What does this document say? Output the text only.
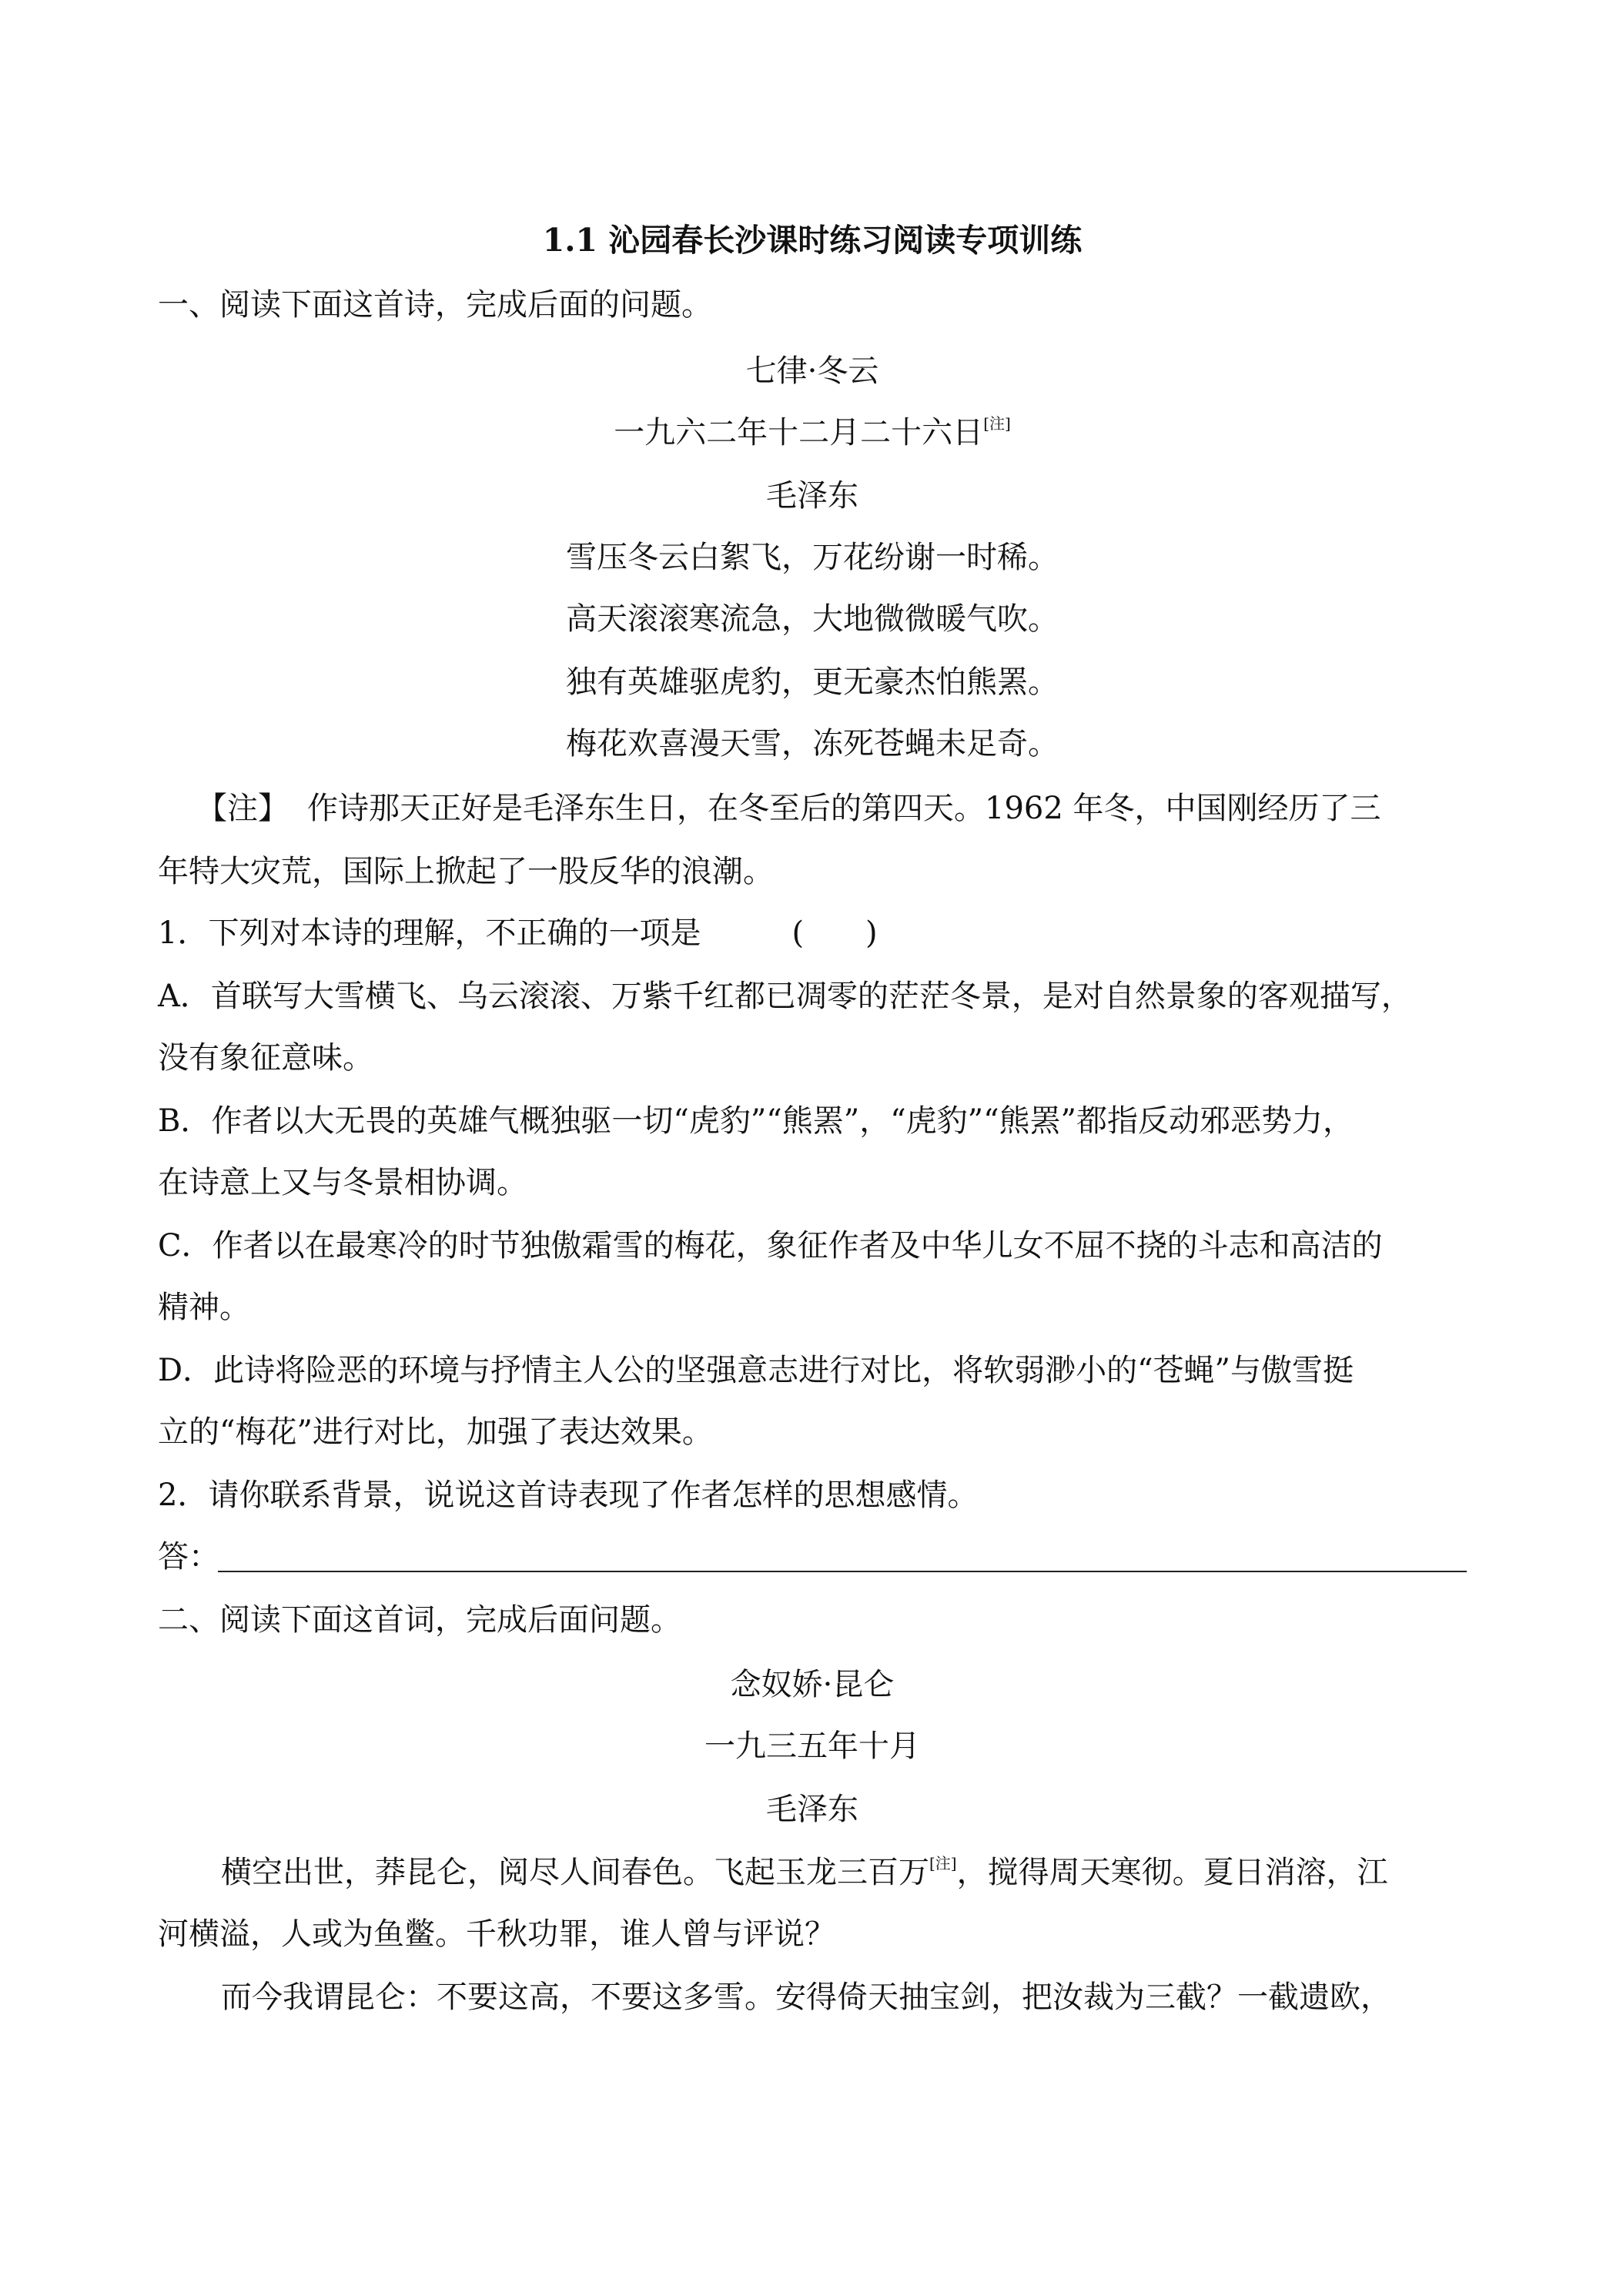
1.1 沁园春长沙课时练习阅读专项训练
一、阅读下面这首诗，完成后面的问题。
七律·冬云
一九六二年十二月二十六日[注]
毛泽东
雪压冬云白絮飞，万花纷谢一时稀。
高天滚滚寒流急，大地微微暖气吹。
独有英雄驱虎豹，更无豪杰怕熊罴。
梅花欢喜漫天雪，冻死苍蝇未足奇。
【注】 作诗那天正好是毛泽东生日，在冬至后的第四天。1962 年冬，中国刚经历了三
年特大灾荒，国际上掀起了一股反华的浪潮。
1．下列对本诗的理解，不正确的一项是	(　　)
A．首联写大雪横飞、乌云滚滚、万紫千红都已凋零的茫茫冬景，是对自然景象的客观描写，
没有象征意味。
B．作者以大无畏的英雄气概独驱一切“虎豹”“熊罴”，“虎豹”“熊罴”都指反动邪恶势力，
在诗意上又与冬景相协调。
C．作者以在最寒冷的时节独傲霜雪的梅花，象征作者及中华儿女不屈不挠的斗志和高洁的
精神。
D．此诗将险恶的环境与抒情主人公的坚强意志进行对比，将软弱渺小的“苍蝇”与傲雪挺
立的“梅花”进行对比，加强了表达效果。
2．请你联系背景，说说这首诗表现了作者怎样的思想感情。
答：
二、阅读下面这首词，完成后面问题。
念奴娇·昆仑
一九三五年十月
毛泽东
横空出世，莽昆仑，阅尽人间春色。飞起玉龙三百万[注]，搅得周天寒彻。夏日消溶，江
河横溢，人或为鱼鳖。千秋功罪，谁人曾与评说？
而今我谓昆仑：不要这高，不要这多雪。安得倚天抽宝剑，把汝裁为三截？一截遗欧，
